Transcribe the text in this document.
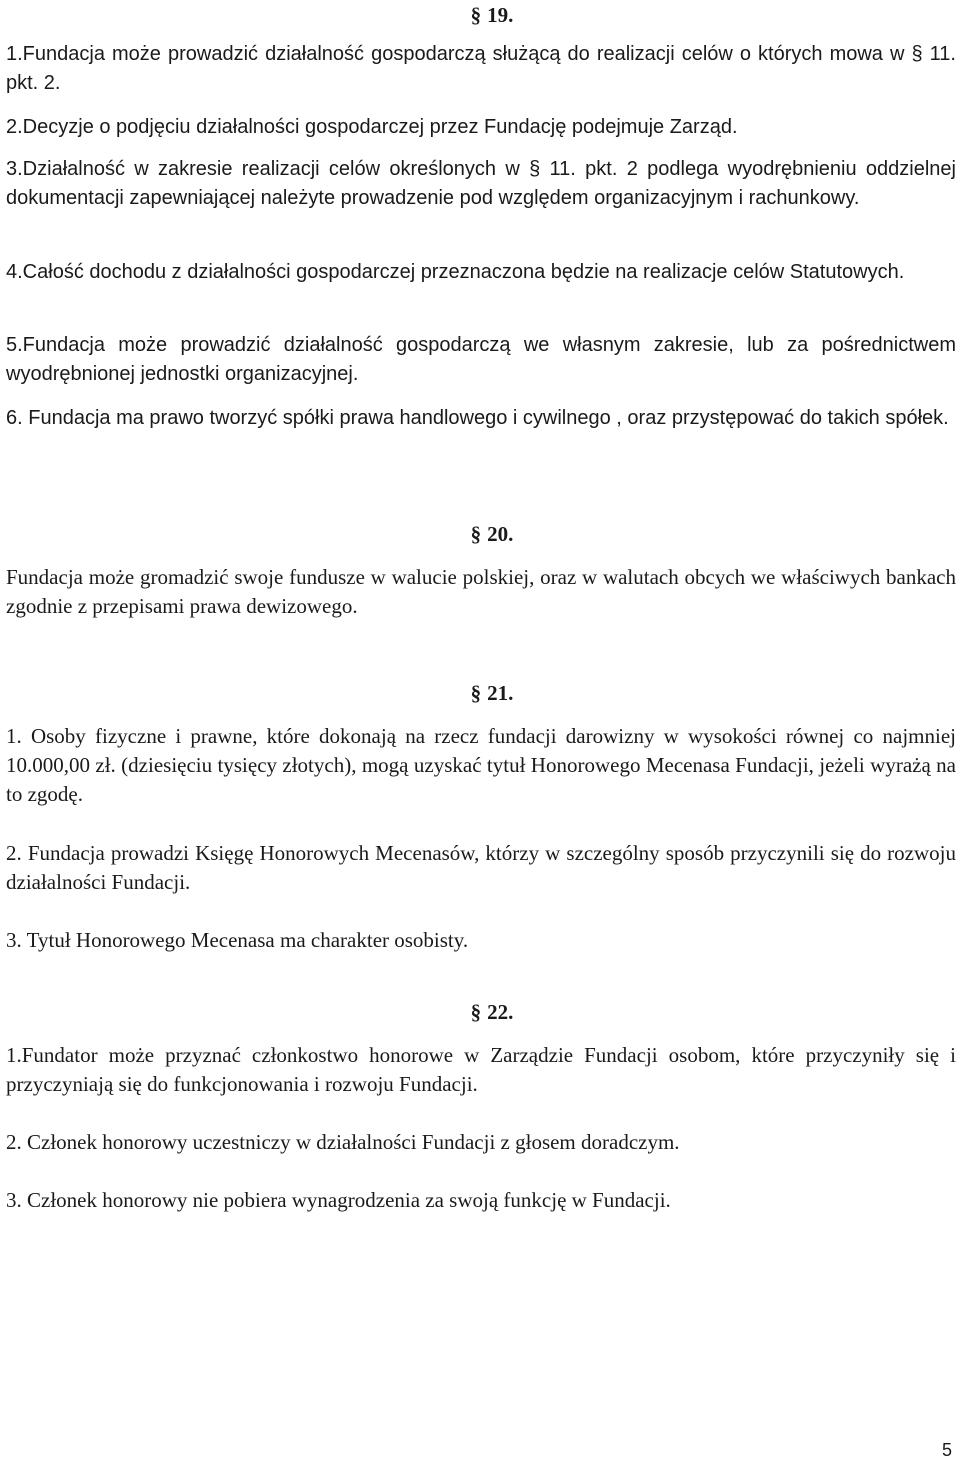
§ 19.

1.Fundacja może prowadzić działalność gospodarczą służącą do realizacji celów o których mowa w § 11. pkt. 2.

2.Decyzje o podjęciu działalności gospodarczej przez Fundację podejmuje Zarząd.

3.Działalność w zakresie realizacji celów określonych w § 11. pkt. 2 podlega wyodrębnieniu oddzielnej dokumentacji zapewniającej należyte prowadzenie pod względem organizacyjnym i rachunkowy.

4.Całość dochodu z działalności gospodarczej przeznaczona będzie na realizacje celów Statutowych.

5.Fundacja może prowadzić działalność gospodarczą we własnym zakresie, lub za pośrednictwem wyodrębnionej jednostki organizacyjnej.

6. Fundacja ma prawo tworzyć spółki prawa handlowego i cywilnego , oraz przystępować do takich spółek.

§ 20.

Fundacja może gromadzić swoje fundusze w walucie polskiej, oraz w walutach obcych we właściwych bankach zgodnie z przepisami prawa dewizowego.

§ 21.

1. Osoby fizyczne i prawne, które dokonają na rzecz fundacji darowizny w wysokości równej co najmniej 10.000,00 zł. (dziesięciu tysięcy złotych), mogą uzyskać tytuł Honorowego Mecenasa Fundacji, jeżeli wyrażą na to zgodę.

2. Fundacja prowadzi Księgę Honorowych Mecenasów, którzy w szczególny sposób przyczynili się do rozwoju działalności Fundacji.

3. Tytuł Honorowego Mecenasa ma charakter osobisty.

§ 22.

1.Fundator może przyznać członkostwo honorowe w Zarządzie Fundacji osobom, które przyczyniły się i przyczyniają się do funkcjonowania i rozwoju Fundacji.

2. Członek honorowy uczestniczy w działalności Fundacji z głosem doradczym.

3. Członek honorowy nie pobiera wynagrodzenia za swoją funkcję w Fundacji.

5
